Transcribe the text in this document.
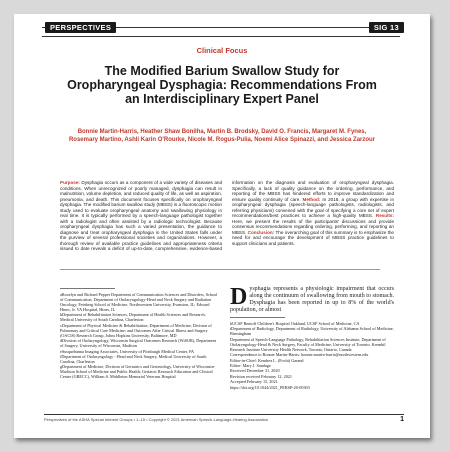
PERSPECTIVES	SIG 13
Clinical Focus
The Modified Barium Swallow Study for Oropharyngeal Dysphagia: Recommendations From an Interdisciplinary Expert Panel
Bonnie Martin-Harris, Heather Shaw Bonilha, Martin B. Brodsky, David O. Francis, Margaret M. Fynes, Rosemary Martino, Ashli Karin O'Rourke, Nicole M. Rogus-Pulia, Noemi Alice Spinazzi, and Jessica Zarzour
Purpose: Dysphagia occurs as a component of a wide variety of diseases and conditions. When unrecognized or poorly managed, dysphagia can result in malnutrition, volume depletion, and reduced quality of life, as well as aspiration, pneumonia, and death. This document focuses specifically on oropharyngeal dysphagia. The modified barium swallow study (MBSS) is a fluoroscopic motion study used to evaluate oropharyngeal anatomy and swallowing physiology in real time. It is typically performed by a speech-language pathologist together with a radiologist and often assisted by a radiologic technologist. Because oropharyngeal dysphagia has such a varied presentation, the guidance to diagnose and treat oropharyngeal dysphagia in the United States falls under the purview of several professional societies and organizations. However, a thorough review of available practice guidelines and appropriateness criteria issued to date reveals a deficit of up-to-date, comprehensive, evidence-based information on the diagnosis and evaluation of oropharyngeal dysphagia. Specifically, a lack of quality guidance on the ordering, performance, and reporting of the MBSS has hindered efforts to improve standardization and ensure quality continuity of care. Method: In 2018, a group with expertise in oropharyngeal dysphagia (speech-language pathologists, radiologists, and referring physicians) convened with the goal of specifying a core set of expert recommendations/best practices to achieve a high-quality MBSS. Results: Here, we present the results of the participants' discussions and provide consensus recommendations regarding ordering, performing, and reporting an MBSS. Conclusion: The overarching goal of this summary is to emphasize the need for and encourage the development of MBSS practice guidelines to support clinicians and patients.

aRoxelyn and Richard Pepper Department of Communication Sciences and Disorders, School of Communication, Department of Otolaryngology-Head and Neck Surgery and Radiation Oncology, Feinberg School of Medicine, Northwestern University, Evanston, IL; Edward Hines, Jr. VA Hospital, Hines, IL

bDepartment of Rehabilitation Sciences, Department of Health Sciences and Research, Medical University of South Carolina, Charleston

cDepartment of Physical Medicine & Rehabilitation; Department of Medicine, Division of Pulmonary and Critical Care Medicine; and Outcomes After Critical Illness and Surgery (OACIS) Research Group, Johns Hopkins University, Baltimore, MD

dDivision of Otolaryngology, Wisconsin Surgical Outcomes Research (WiSOR), Department of Surgery, University of Wisconsin, Madison

eSusquehanna Imaging Associates, University of Pittsburgh Medical Center, PA

fDepartment of Otolaryngology - Head and Neck Surgery, Medical University of South Carolina, Charleston

gDepartment of Medicine, Division of Geriatrics and Gerontology, University of Wisconsin-Madison School of Medicine and Public Health; Geriatric Research Education and Clinical Center (GRECC), William S. Middleton Memorial Veterans Hospital

Dysphagia represents a physiologic impairment that occurs along the continuum of swallowing from mouth to stomach. Dysphagia has been reported in up to 8% of the world's population, or almost

hUCSF Benioff Children's Hospital Oakland, UCSF School of Medicine, CA

iDepartment of Radiology, Department of Radiology, University of Alabama School of Medicine, Birmingham

Department of Speech-Language Pathology, Rehabilitation Sciences Institute, Department of Otolaryngology-Head & Neck Surgery, Faculty of Medicine, University of Toronto; Krembil Research Institute University Health Network, Toronto, Ontario, Canada

Correspondence to Bonnie Martin-Harris: bonnie.martin-harris@northwestern.edu

Editor-in-Chief: Kendrea L. (Focht) Garand

Editor: Mary J. Sandage

Received December 31, 2020

Revision received February 12, 2021

Accepted February 15, 2021

https://doi.org/10.1044/2021_PERSP-20-00303

Perspectives of the ASHA Special Interest Groups • 1–15 • Copyright © 2021 American Speech-Language-Hearing Association	1
